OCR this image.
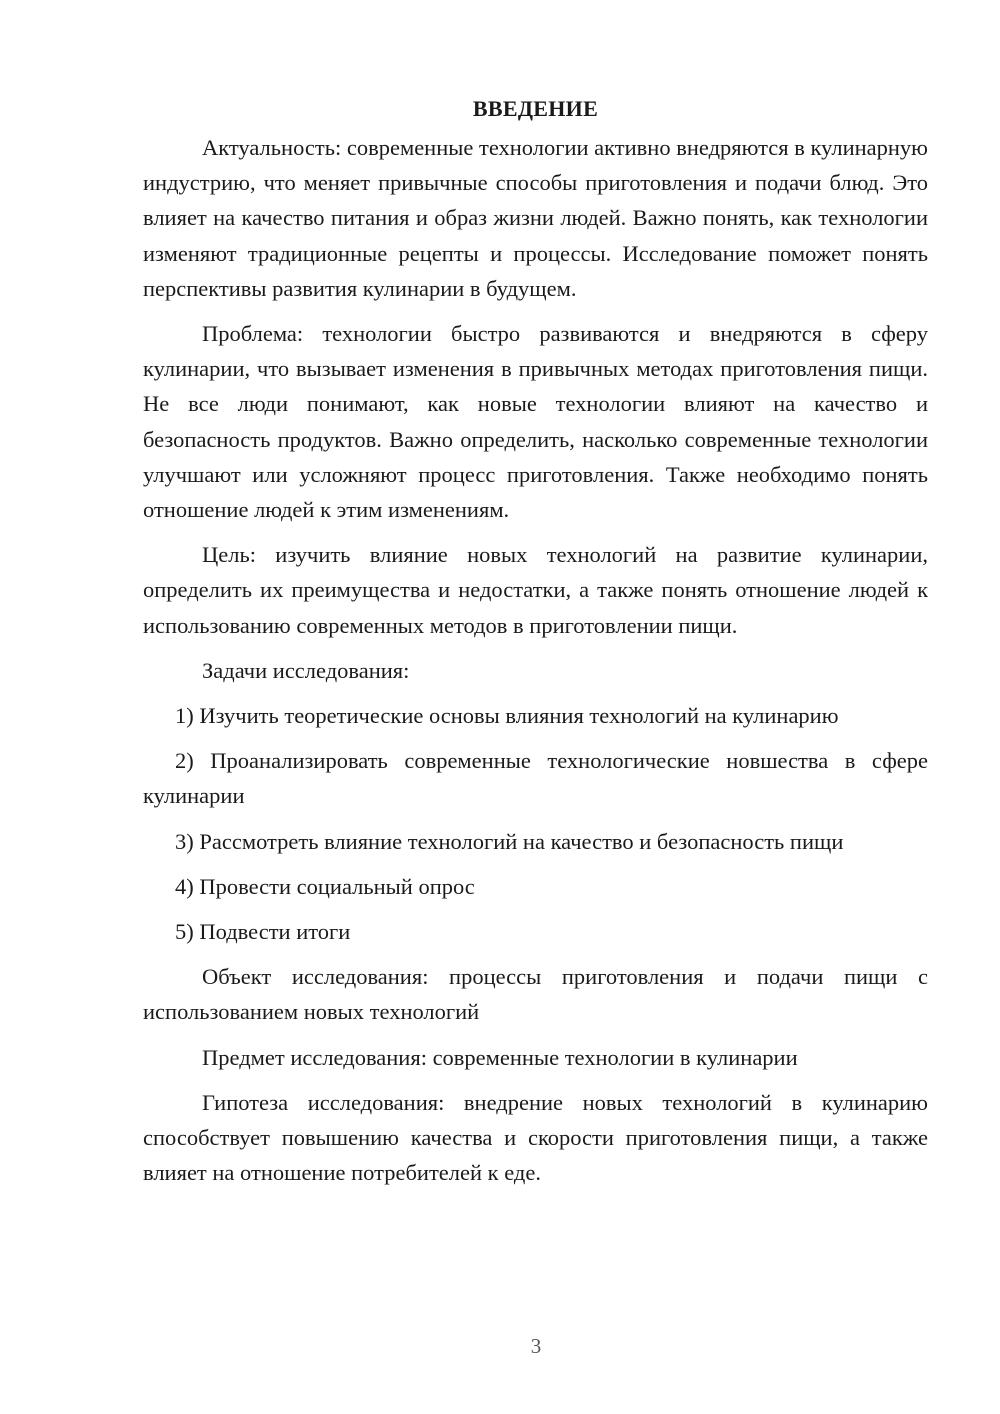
ВВЕДЕНИЕ

Актуальность: современные технологии активно внедряются в кулинарную индустрию, что меняет привычные способы приготовления и подачи блюд. Это влияет на качество питания и образ жизни людей. Важно понять, как технологии изменяют традиционные рецепты и процессы. Исследование поможет понять перспективы развития кулинарии в будущем.

Проблема: технологии быстро развиваются и внедряются в сферу кулинарии, что вызывает изменения в привычных методах приготовления пищи. Не все люди понимают, как новые технологии влияют на качество и безопасность продуктов. Важно определить, насколько современные технологии улучшают или усложняют процесс приготовления. Также необходимо понять отношение людей к этим изменениям.

Цель: изучить влияние новых технологий на развитие кулинарии, определить их преимущества и недостатки, а также понять отношение людей к использованию современных методов в приготовлении пищи.

Задачи исследования:

1) Изучить теоретические основы влияния технологий на кулинарию

2) Проанализировать современные технологические новшества в сфере кулинарии

3) Рассмотреть влияние технологий на качество и безопасность пищи

4) Провести социальный опрос

5) Подвести итоги

Объект исследования: процессы приготовления и подачи пищи с использованием новых технологий

Предмет исследования: современные технологии в кулинарии

Гипотеза исследования: внедрение новых технологий в кулинарию способствует повышению качества и скорости приготовления пищи, а также влияет на отношение потребителей к еде.

3
